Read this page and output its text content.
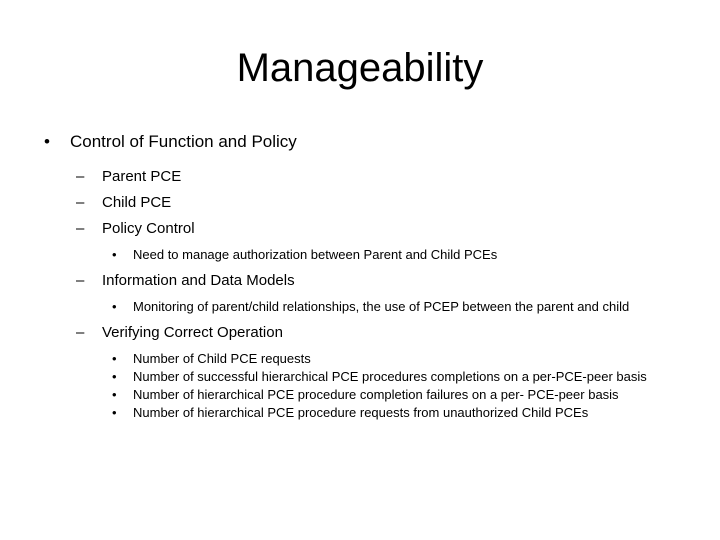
Manageability
• Control of Function and Policy
– Parent PCE
– Child PCE
– Policy Control
• Need to manage authorization between Parent and Child PCEs
– Information and Data Models
• Monitoring of parent/child relationships, the use of PCEP between the parent and child
– Verifying Correct Operation
• Number of Child PCE requests
• Number of successful hierarchical PCE procedures completions on a per-PCE-peer basis
• Number of hierarchical PCE procedure completion failures on a per- PCE-peer basis
• Number of hierarchical PCE procedure requests from unauthorized Child PCEs
